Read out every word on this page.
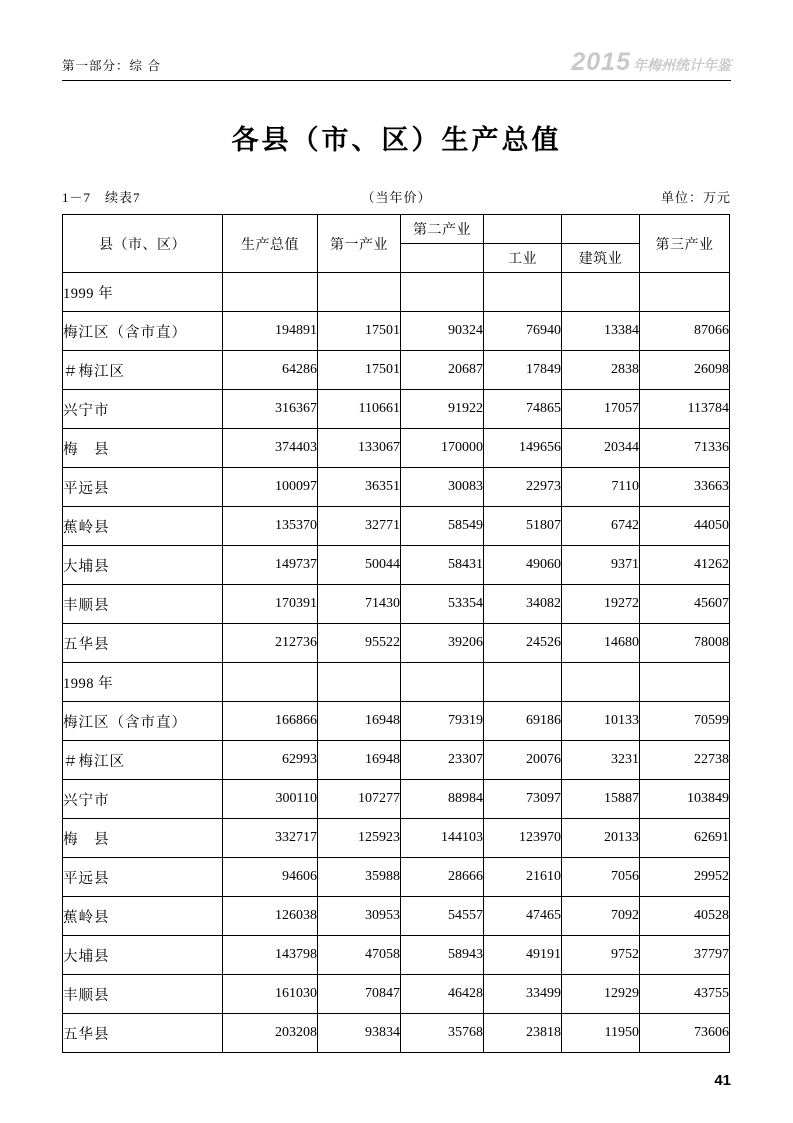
第一部分：综 合	2015 年梅州统计年鉴
各县（市、区）生产总值
1－7　续表7	（当年价）	单位：万元
县（市、区）	生产总值	第一产业	第二产业			第三产业
				工业	建筑业	
1999 年						
梅江区（含市直）	194891	17501	90324	76940	13384	87066
＃梅江区	64286	17501	20687	17849	2838	26098
兴宁市	316367	110661	91922	74865	17057	113784
梅　县	374403	133067	170000	149656	20344	71336
平远县	100097	36351	30083	22973	7110	33663
蕉岭县	135370	32771	58549	51807	6742	44050
大埔县	149737	50044	58431	49060	9371	41262
丰顺县	170391	71430	53354	34082	19272	45607
五华县	212736	95522	39206	24526	14680	78008
1998 年						
梅江区（含市直）	166866	16948	79319	69186	10133	70599
＃梅江区	62993	16948	23307	20076	3231	22738
兴宁市	300110	107277	88984	73097	15887	103849
梅　县	332717	125923	144103	123970	20133	62691
平远县	94606	35988	28666	21610	7056	29952
蕉岭县	126038	30953	54557	47465	7092	40528
大埔县	143798	47058	58943	49191	9752	37797
丰顺县	161030	70847	46428	33499	12929	43755
五华县	203208	93834	35768	23818	11950	73606
41
